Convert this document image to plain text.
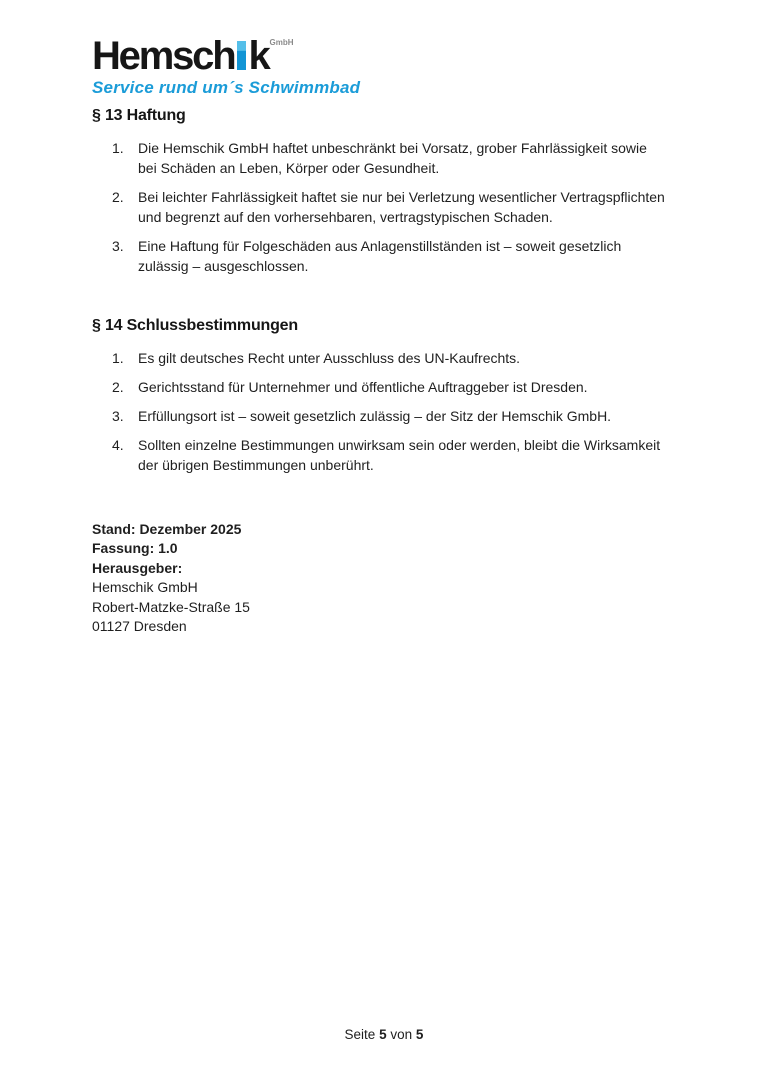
Hemsch k GmbH
Service rund um´s Schwimmbad
§ 13 Haftung
1.	Die Hemschik GmbH haftet unbeschränkt bei Vorsatz, grober Fahrlässigkeit sowie bei Schäden an Leben, Körper oder Gesundheit.
2.	Bei leichter Fahrlässigkeit haftet sie nur bei Verletzung wesentlicher Vertragspflichten und begrenzt auf den vorhersehbaren, vertragstypischen Schaden.
3.	Eine Haftung für Folgeschäden aus Anlagenstillständen ist – soweit gesetzlich zulässig – ausgeschlossen.
§ 14 Schlussbestimmungen
1.	Es gilt deutsches Recht unter Ausschluss des UN-Kaufrechts.
2.	Gerichtsstand für Unternehmer und öffentliche Auftraggeber ist Dresden.
3.	Erfüllungsort ist – soweit gesetzlich zulässig – der Sitz der Hemschik GmbH.
4.	Sollten einzelne Bestimmungen unwirksam sein oder werden, bleibt die Wirksamkeit der übrigen Bestimmungen unberührt.
Stand: Dezember 2025
Fassung: 1.0
Herausgeber:
Hemschik GmbH
Robert-Matzke-Straße 15
01127 Dresden
Seite 5 von 5
